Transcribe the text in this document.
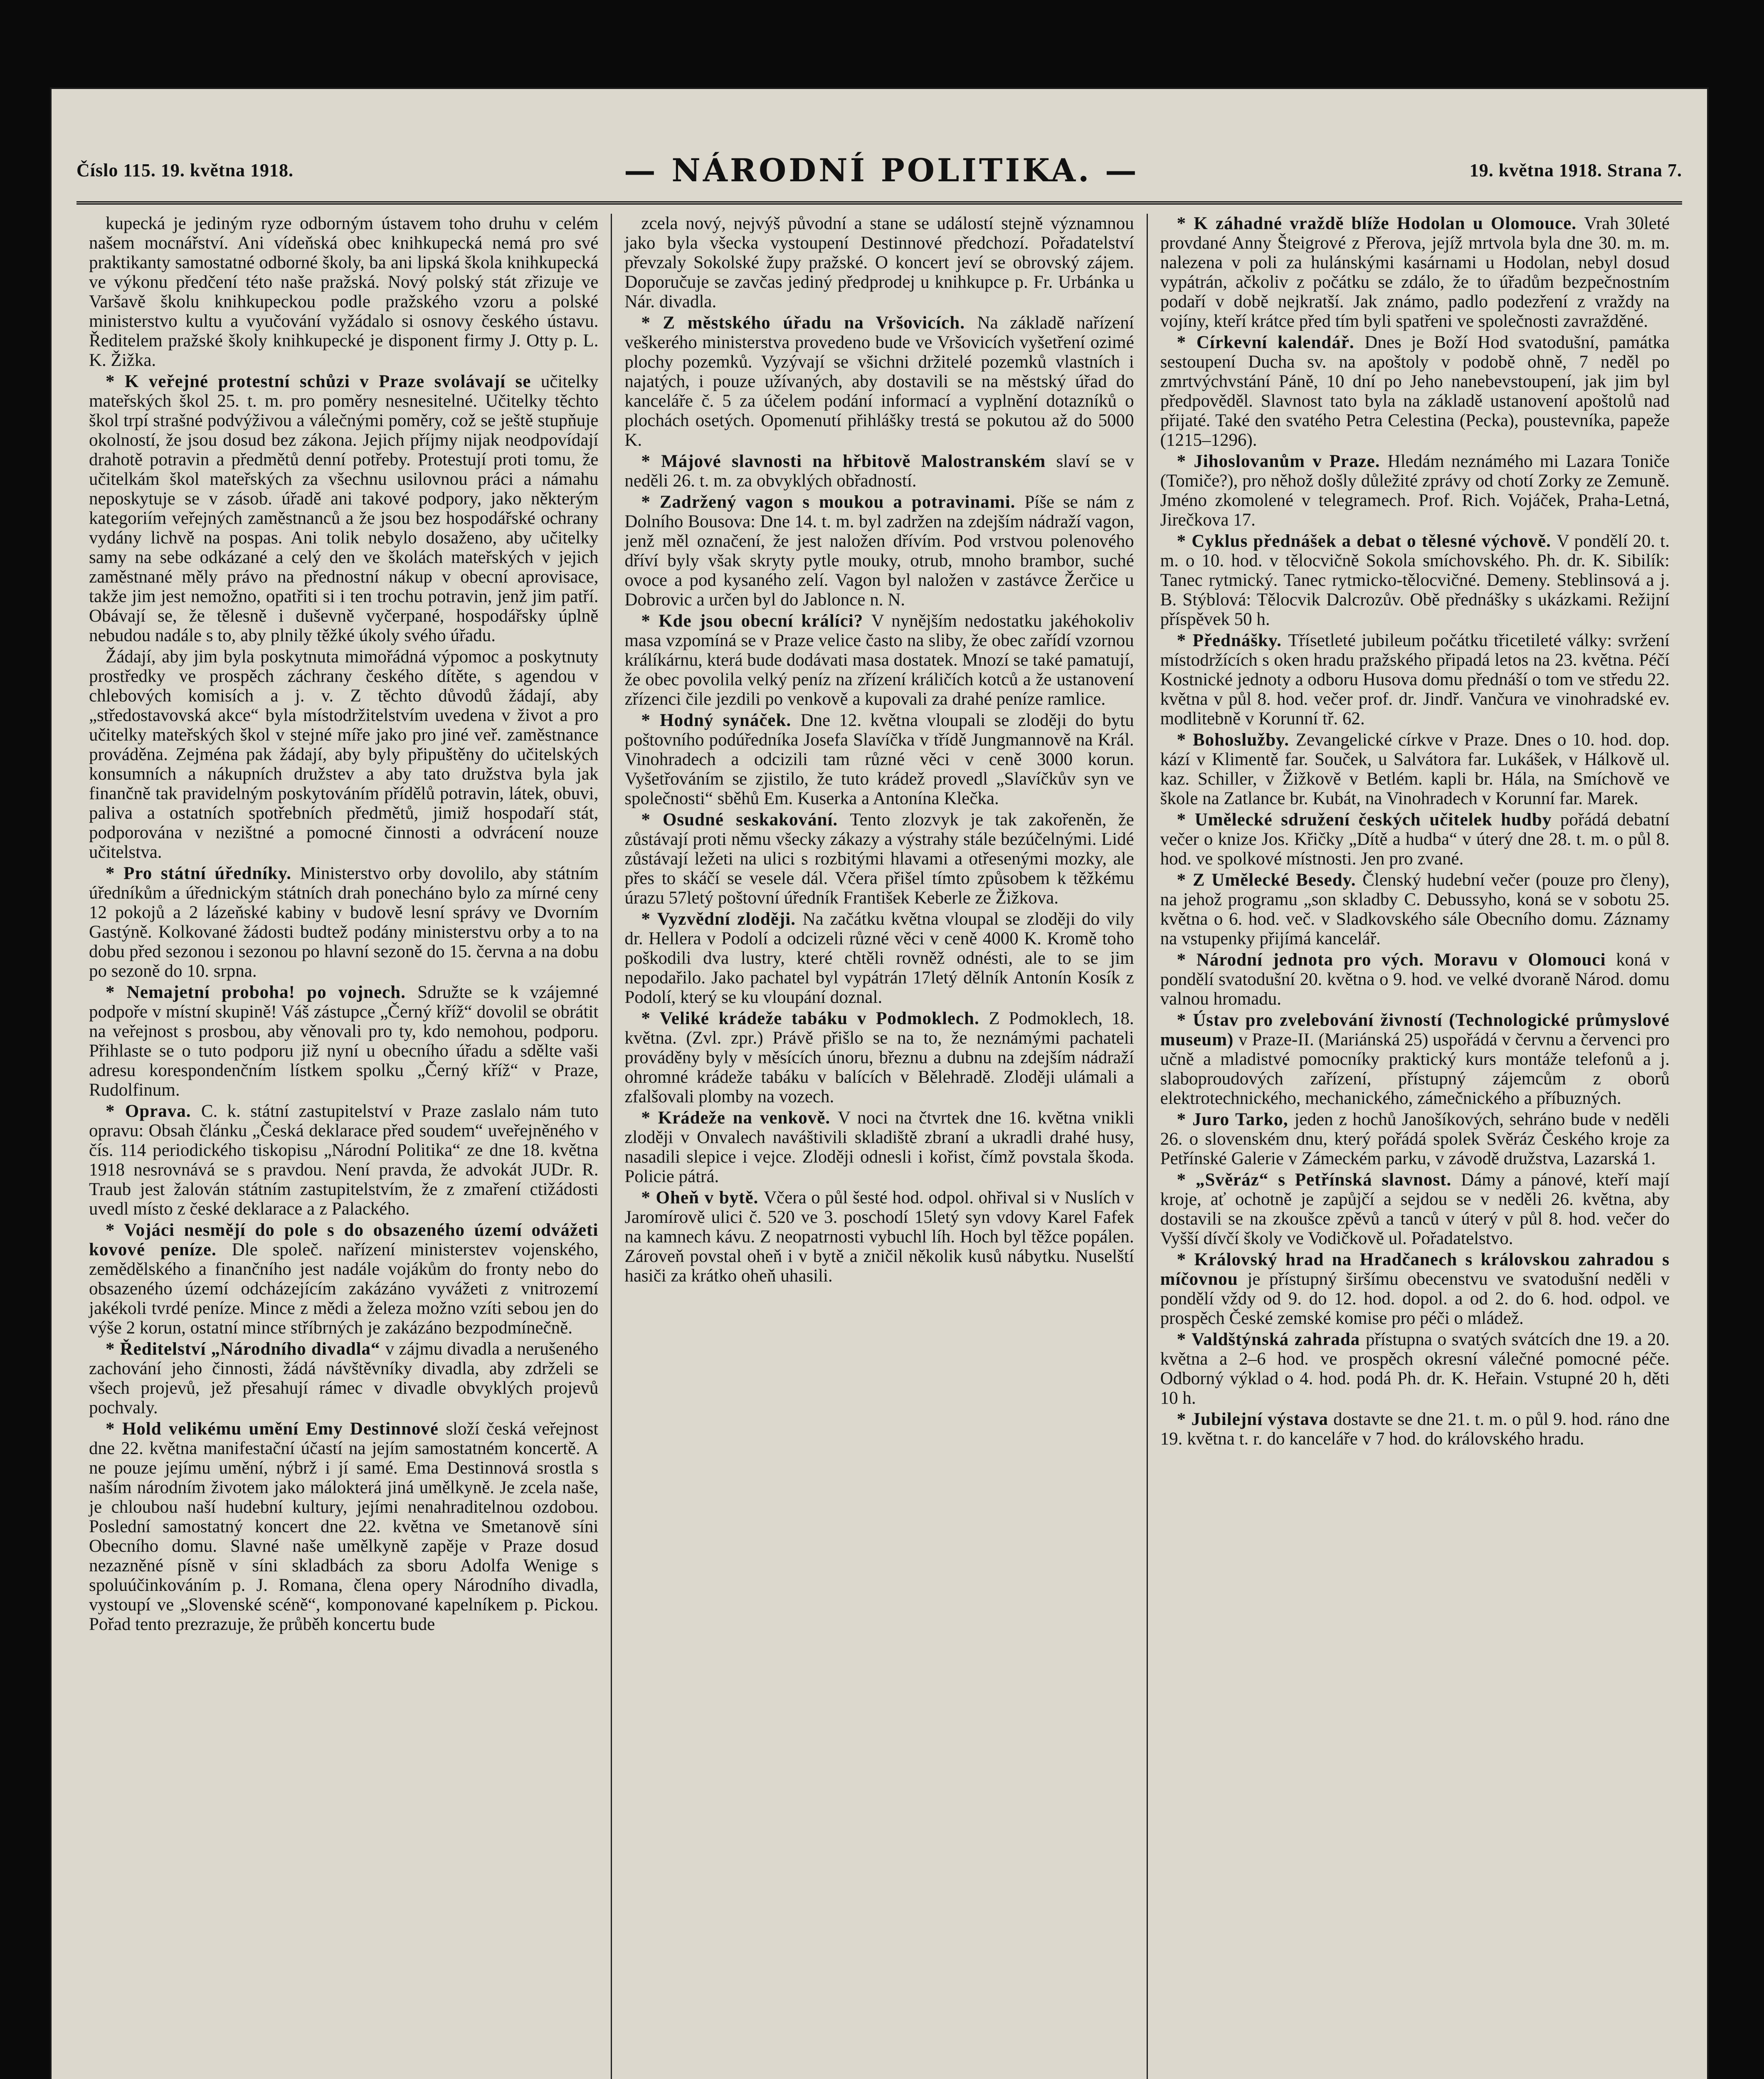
Číslo 115. 19. května 1918.	— NÁRODNÍ POLITIKA. —	19. května 1918. Strana 7.

kupecká je jediným ryze odborným ústavem toho druhu v celém našem mocnářství. Ani vídeňská obec knihkupecká nemá pro své praktikanty samostatné odborné školy, ba ani lipská škola knihkupecká ve výkonu předčení této naše pražská. Nový polský stát zřizuje ve Varšavě školu knihkupeckou podle pražského vzoru a polské ministerstvo kultu a vyučování vyžádalo si osnovy českého ústavu. Ředitelem pražské školy knihkupecké je disponent firmy J. Otty p. L. K. Žižka.

* K veřejné protestní schůzi v Praze svolávají se učitelky mateřských škol 25. t. m. pro poměry nesnesitelné. Učitelky těchto škol trpí strašné podvýživou a válečnými poměry, což se ještě stupňuje okolností, že jsou dosud bez zákona. Jejich příjmy nijak neodpovídají drahotě potravin a předmětů denní potřeby. Protestují proti tomu, že učitelkám škol mateřských za všechnu usilovnou práci a námahu neposkytuje se v zásob. úřadě ani takové podpory, jako některým kategoriím veřejných zaměstnanců a že jsou bez hospodářské ochrany vydány lichvě na pospas. Ani tolik nebylo dosaženo, aby učitelky samy na sebe odkázané a celý den ve školách mateřských v jejich zaměstnané měly právo na přednostní nákup v obecní aprovisace, takže jim jest nemožno, opatřiti si i ten trochu potravin, jenž jim patří. Obávají se, že tělesně i duševně vyčerpané, hospodářsky úplně nebudou nadále s to, aby plnily těžké úkoly svého úřadu.

Žádají, aby jim byla poskytnuta mimořádná výpomoc a poskytnuty prostředky ve prospěch záchrany českého dítěte, s agendou v chlebových komisích a j. v. Z těchto důvodů žádají, aby „středostavovská akce“ byla místodržitelstvím uvedena v život a pro učitelky mateřských škol v stejné míře jako pro jiné veř. zaměstnance prováděna. Zejména pak žádají, aby byly připuštěny do učitelských konsumních a nákupních družstev a aby tato družstva byla jak finančně tak pravidelným poskytováním přídělů potravin, látek, obuvi, paliva a ostatních spotřebních předmětů, jimiž hospodaří stát, podporována v nezištné a pomocné činnosti a odvrácení nouze učitelstva.

* Pro státní úředníky. Ministerstvo orby dovolilo, aby státním úředníkům a úřednickým státních drah ponecháno bylo za mírné ceny 12 pokojů a 2 lázeňské kabiny v budově lesní správy ve Dvorním Gastýně. Kolkované žádosti budtež podány ministerstvu orby a to na dobu před sezonou i sezonou po hlavní sezoně do 15. června a na dobu po sezoně do 10. srpna.

* Nemajetní proboha! po vojnech. Sdružte se k vzájemné podpoře v místní skupině! Váš zástupce „Černý kříž“ dovolil se obrátit na veřejnost s prosbou, aby věnovali pro ty, kdo nemohou, podporu. Přihlaste se o tuto podporu již nyní u obecního úřadu a sdělte vaši adresu korespondenčním lístkem spolku „Černý kříž“ v Praze, Rudolfinum.

* Oprava. C. k. státní zastupitelství v Praze zaslalo nám tuto opravu: Obsah článku „Česká deklarace před soudem“ uveřejněného v čís. 114 periodického tiskopisu „Národní Politika“ ze dne 18. května 1918 nesrovnává se s pravdou. Není pravda, že advokát JUDr. R. Traub jest žalován státním zastupitelstvím, že z zmaření ctižádosti uvedl místo z české deklarace a z Palackého.

* Vojáci nesmějí do pole s do obsazeného území odvážeti kovové peníze. Dle společ. nařízení ministerstev vojenského, zemědělského a finančního jest nadále vojákům do fronty nebo do obsazeného území odcházejícím zakázáno vyvážeti z vnitrozemí jakékoli tvrdé peníze. Mince z mědi a železa možno vzíti sebou jen do výše 2 korun, ostatní mince stříbrných je zakázáno bezpodmínečně.

* Ředitelství „Národního divadla“ v zájmu divadla a nerušeného zachování jeho činnosti, žádá návštěvníky divadla, aby zdrželi se všech projevů, jež přesahují rámec v divadle obvyklých projevů pochvaly.

* Hold velikému umění Emy Destinnové složí česká veřejnost dne 22. května manifestační účastí na jejím samostatném koncertě. A ne pouze jejímu umění, nýbrž i jí samé. Ema Destinnová srostla s naším národním životem jako málokterá jiná umělkyně. Je zcela naše, je chloubou naší hudební kultury, jejími nenahraditelnou ozdobou. Poslední samostatný koncert dne 22. května ve Smetanově síni Obecního domu. Slavné naše umělkyně zapěje v Praze dosud nezazněné písně v síni skladbách za sboru Adolfa Wenige s spoluúčinkováním p. J. Romana, člena opery Národního divadla, vystoupí ve „Slovenské scéně“, komponované kapelníkem p. Pickou. Pořad tento prezrazuje, že průběh koncertu bude

zcela nový, nejvýš původní a stane se událostí stejně významnou jako byla všecka vystoupení Destinnové předchozí. Pořadatelství převzaly Sokolské župy pražské. O koncert jeví se obrovský zájem. Doporučuje se zavčas jediný předprodej u knihkupce p. Fr. Urbánka u Nár. divadla.

* Z městského úřadu na Vršovicích. Na základě nařízení veškerého ministerstva provedeno bude ve Vršovicích vyšetření ozimé plochy pozemků. Vyzývají se všichni držitelé pozemků vlastních i najatých, i pouze užívaných, aby dostavili se na městský úřad do kanceláře č. 5 za účelem podání informací a vyplnění dotazníků o plochách osetých. Opomenutí přihlášky trestá se pokutou až do 5000 K.

* Májové slavnosti na hřbitově Malostranském slaví se v neděli 26. t. m. za obvyklých obřadností.

* Zadržený vagon s moukou a potravinami. Píše se nám z Dolního Bousova: Dne 14. t. m. byl zadržen na zdejším nádraží vagon, jenž měl označení, že jest naložen dřívím. Pod vrstvou polenového dříví byly však skryty pytle mouky, otrub, mnoho brambor, suché ovoce a pod kysaného zelí. Vagon byl naložen v zastávce Žerčice u Dobrovic a určen byl do Jablonce n. N.

* Kde jsou obecní králíci? V nynějším nedostatku jakéhokoliv masa vzpomíná se v Praze velice často na sliby, že obec zařídí vzornou králíkárnu, která bude dodávati masa dostatek. Mnozí se také pamatují, že obec povolila velký peníz na zřízení králičích kotců a že ustanovení zřízenci čile jezdili po venkově a kupovali za drahé peníze ramlice.

* Hodný synáček. Dne 12. května vloupali se zloději do bytu poštovního podúředníka Josefa Slavíčka v třídě Jungmannově na Král. Vinohradech a odcizili tam různé věci v ceně 3000 korun. Vyšetřováním se zjistilo, že tuto krádež provedl „Slavíčkův syn ve společnosti“ sběhů Em. Kuserka a Antonína Klečka.

* Osudné seskakování. Tento zlozvyk je tak zakořeněn, že zůstávají proti němu všecky zákazy a výstrahy stále bezúčelnými. Lidé zůstávají ležeti na ulici s rozbitými hlavami a otřesenými mozky, ale přes to skáčí se vesele dál. Včera přišel tímto způsobem k těžkému úrazu 57letý poštovní úředník František Keberle ze Žižkova.

* Vyzvědní zloději. Na začátku května vloupal se zloději do vily dr. Hellera v Podolí a odcizeli různé věci v ceně 4000 K. Kromě toho poškodili dva lustry, které chtěli rovněž odnésti, ale to se jim nepodařilo. Jako pachatel byl vypátrán 17letý dělník Antonín Kosík z Podolí, který se ku vloupání doznal.

* Veliké krádeže tabáku v Podmoklech. Z Podmoklech, 18. května. (Zvl. zpr.) Právě přišlo se na to, že neznámými pachateli prováděny byly v měsících únoru, březnu a dubnu na zdejším nádraží ohromné krádeže tabáku v balících v Bělehradě. Zloději ulámali a zfalšovali plomby na vozech.

* Krádeže na venkově. V noci na čtvrtek dne 16. května vnikli zloději v Onvalech naváštivili skladiště zbraní a ukradli drahé husy, nasadili slepice i vejce. Zloději odnesli i kořist, čímž povstala škoda. Policie pátrá.

* Oheň v bytě. Včera o půl šesté hod. odpol. ohřival si v Nuslích v Jaromírově ulici č. 520 ve 3. poschodí 15letý syn vdovy Karel Fafek na kamnech kávu. Z neopatrnosti vybuchl líh. Hoch byl těžce popálen. Zároveň povstal oheň i v bytě a zničil několik kusů nábytku. Nuselští hasiči za krátko oheň uhasili.

* K záhadné vraždě blíže Hodolan u Olomouce. Vrah 30leté provdané Anny Šteigrové z Přerova, jejíž mrtvola byla dne 30. m. m. nalezena v poli za hulánskými kasárnami u Hodolan, nebyl dosud vypátrán, ačkoliv z počátku se zdálo, že to úřadům bezpečnostním podaří v době nejkratší. Jak známo, padlo podezření z vraždy na vojíny, kteří krátce před tím byli spatřeni ve společnosti zavražděné.

* Církevní kalendář. Dnes je Boží Hod svatodušní, památka sestoupení Ducha sv. na apoštoly v podobě ohně, 7 neděl po zmrtvýchvstání Páně, 10 dní po Jeho nanebevstoupení, jak jim byl předpověděl. Slavnost tato byla na základě ustanovení apoštolů nad přijaté. Také den svatého Petra Celestina (Pecka), poustevníka, papeže (1215–1296).

* Jihoslovanům v Praze. Hledám neznámého mi Lazara Toniče (Tomiče?), pro něhož došly důležité zprávy od chotí Zorky ze Zemuně. Jméno zkomolené v telegramech. Prof. Rich. Vojáček, Praha-Letná, Jirečkova 17.

* Cyklus přednášek a debat o tělesné výchově. V pondělí 20. t. m. o 10. hod. v tělocvičně Sokola smíchovského. Ph. dr. K. Sibilík: Tanec rytmický. Tanec rytmicko-tělocvičné. Demeny. Steblinsová a j. B. Stýblová: Tělocvik Dalcrozův. Obě přednášky s ukázkami. Režijní příspěvek 50 h.

* Přednášky. Třísetleté jubileum počátku třicetileté války: svržení místodržících s oken hradu pražského připadá letos na 23. května. Péčí Kostnické jednoty a odboru Husova domu přednáší o tom ve středu 22. května v půl 8. hod. večer prof. dr. Jindř. Vančura ve vinohradské ev. modlitebně v Korunní tř. 62.

* Bohoslužby. Zevangelické církve v Praze. Dnes o 10. hod. dop. kází v Klimentě far. Souček, u Salvátora far. Lukášek, v Hálkově ul. kaz. Schiller, v Žižkově v Betlém. kapli br. Hála, na Smíchově ve škole na Zatlance br. Kubát, na Vinohradech v Korunní far. Marek.

* Umělecké sdružení českých učitelek hudby pořádá debatní večer o knize Jos. Křičky „Dítě a hudba“ v úterý dne 28. t. m. o půl 8. hod. ve spolkové místnosti. Jen pro zvané.

* Z Umělecké Besedy. Členský hudební večer (pouze pro členy), na jehož programu „son skladby C. Debussyho, koná se v sobotu 25. května o 6. hod. več. v Sladkovského sále Obecního domu. Záznamy na vstupenky přijímá kancelář.

* Národní jednota pro vých. Moravu v Olomouci koná v pondělí svatodušní 20. května o 9. hod. ve velké dvoraně Národ. domu valnou hromadu.

* Ústav pro zvelebování živností (Technologické průmyslové museum) v Praze-II. (Mariánská 25) uspořádá v červnu a červenci pro učně a mladistvé pomocníky praktický kurs montáže telefonů a j. slaboproudových zařízení, přístupný zájemcům z oborů elektrotechnického, mechanického, zámečnického a příbuzných.

* Juro Tarko, jeden z hochů Janošíkových, sehráno bude v neděli 26. o slovenském dnu, který pořádá spolek Svěráz Českého kroje za Petřínské Galerie v Zámeckém parku, v závodě družstva, Lazarská 1.

* „Svěráz“ s Petřínská slavnost. Dámy a pánové, kteří mají kroje, ať ochotně je zapůjčí a sejdou se v neděli 26. května, aby dostavili se na zkoušce zpěvů a tanců v úterý v půl 8. hod. večer do Vyšší dívčí školy ve Vodičkově ul. Pořadatelstvo.

* Královský hrad na Hradčanech s královskou zahradou s míčovnou je přístupný širšímu obecenstvu ve svatodušní neděli v pondělí vždy od 9. do 12. hod. dopol. a od 2. do 6. hod. odpol. ve prospěch České zemské komise pro péči o mládež.

* Valdštýnská zahrada přístupna o svatých svátcích dne 19. a 20. května a 2–6 hod. ve prospěch okresní válečné pomocné péče. Odborný výklad o 4. hod. podá Ph. dr. K. Heřain. Vstupné 20 h, děti 10 h.

* Jubilejní výstava dostavte se dne 21. t. m. o půl 9. hod. ráno dne 19. května t. r. do kanceláře v 7 hod. do královského hradu.
